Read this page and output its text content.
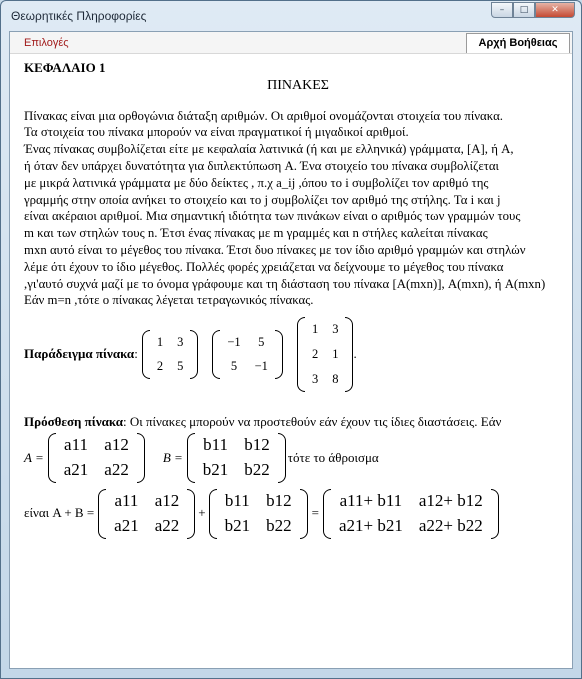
Θεωρητικές Πληροφορίες	–	□	✕
Επιλογές	Αρχή Βοήθειας
ΚΕΦΑΛΑΙΟ 1
ΠΙΝΑΚΕΣ

Πίνακας είναι μια ορθογώνια διάταξη αριθμών. Οι αριθμοί ονομάζονται στοιχεία του πίνακα.

Τα στοιχεία του πίνακα μπορούν να είναι πραγματικοί ή μιγαδικοί αριθμοί.

Ένας πίνακας συμβολίζεται είτε με κεφαλαία λατινικά (ή και με ελληνικά) γράμματα, [A], ή A,

ή όταν δεν υπάρχει δυνατότητα για διπλεκτύπωση A. Ένα στοιχείο του πίνακα συμβολίζεται

με μικρά λατινικά γράμματα με δύο δείκτες , π.χ a_ij ,όπου το i συμβολίζει τον αριθμό της

γραμμής στην οποία ανήκει το στοιχείο και το j συμβολίζει τον αριθμό της στήλης. Τα i και j

είναι ακέραιοι αριθμοί. Μια σημαντική ιδιότητα των πινάκων είναι ο αριθμός των γραμμών τους

m και των στηλών τους n. Έτσι ένας πίνακας με m γραμμές και n στήλες καλείται πίνακας

mxn αυτό είναι το μέγεθος του πίνακα. Έτσι δυο πίνακες με τον ίδιο αριθμό γραμμών και στηλών

λέμε ότι έχουν το ίδιο μέγεθος. Πολλές φορές χρειάζεται να δείχνουμε το μέγεθος του πίνακα

,γι'αυτό συχνά μαζί με το όνομα γράφουμε και τη διάσταση του πίνακα [A(mxn)], A(mxn), ή A(mxn)

Εάν m=n ,τότε ο πίνακας λέγεται τετραγωνικός πίνακας.

Παράδειγμα πίνακα :
1	3
2	5
−1	5
5	−1
1	3
2	1
3	8
.
Πρόσθεση πίνακα: Οι πίνακες μπορούν να προστεθούν εάν έχουν τις ίδιες διαστάσεις. Εάν
A =
a11 a12
a21 a22
B =
b11 b12
b21 b22
τότε το άθροισμα
είναι A + B =
a11 a12
a21 a22
+
b11 b12
b21 b22
=
a11+ b11 a12+ b12
a21+ b21 a22+ b22
